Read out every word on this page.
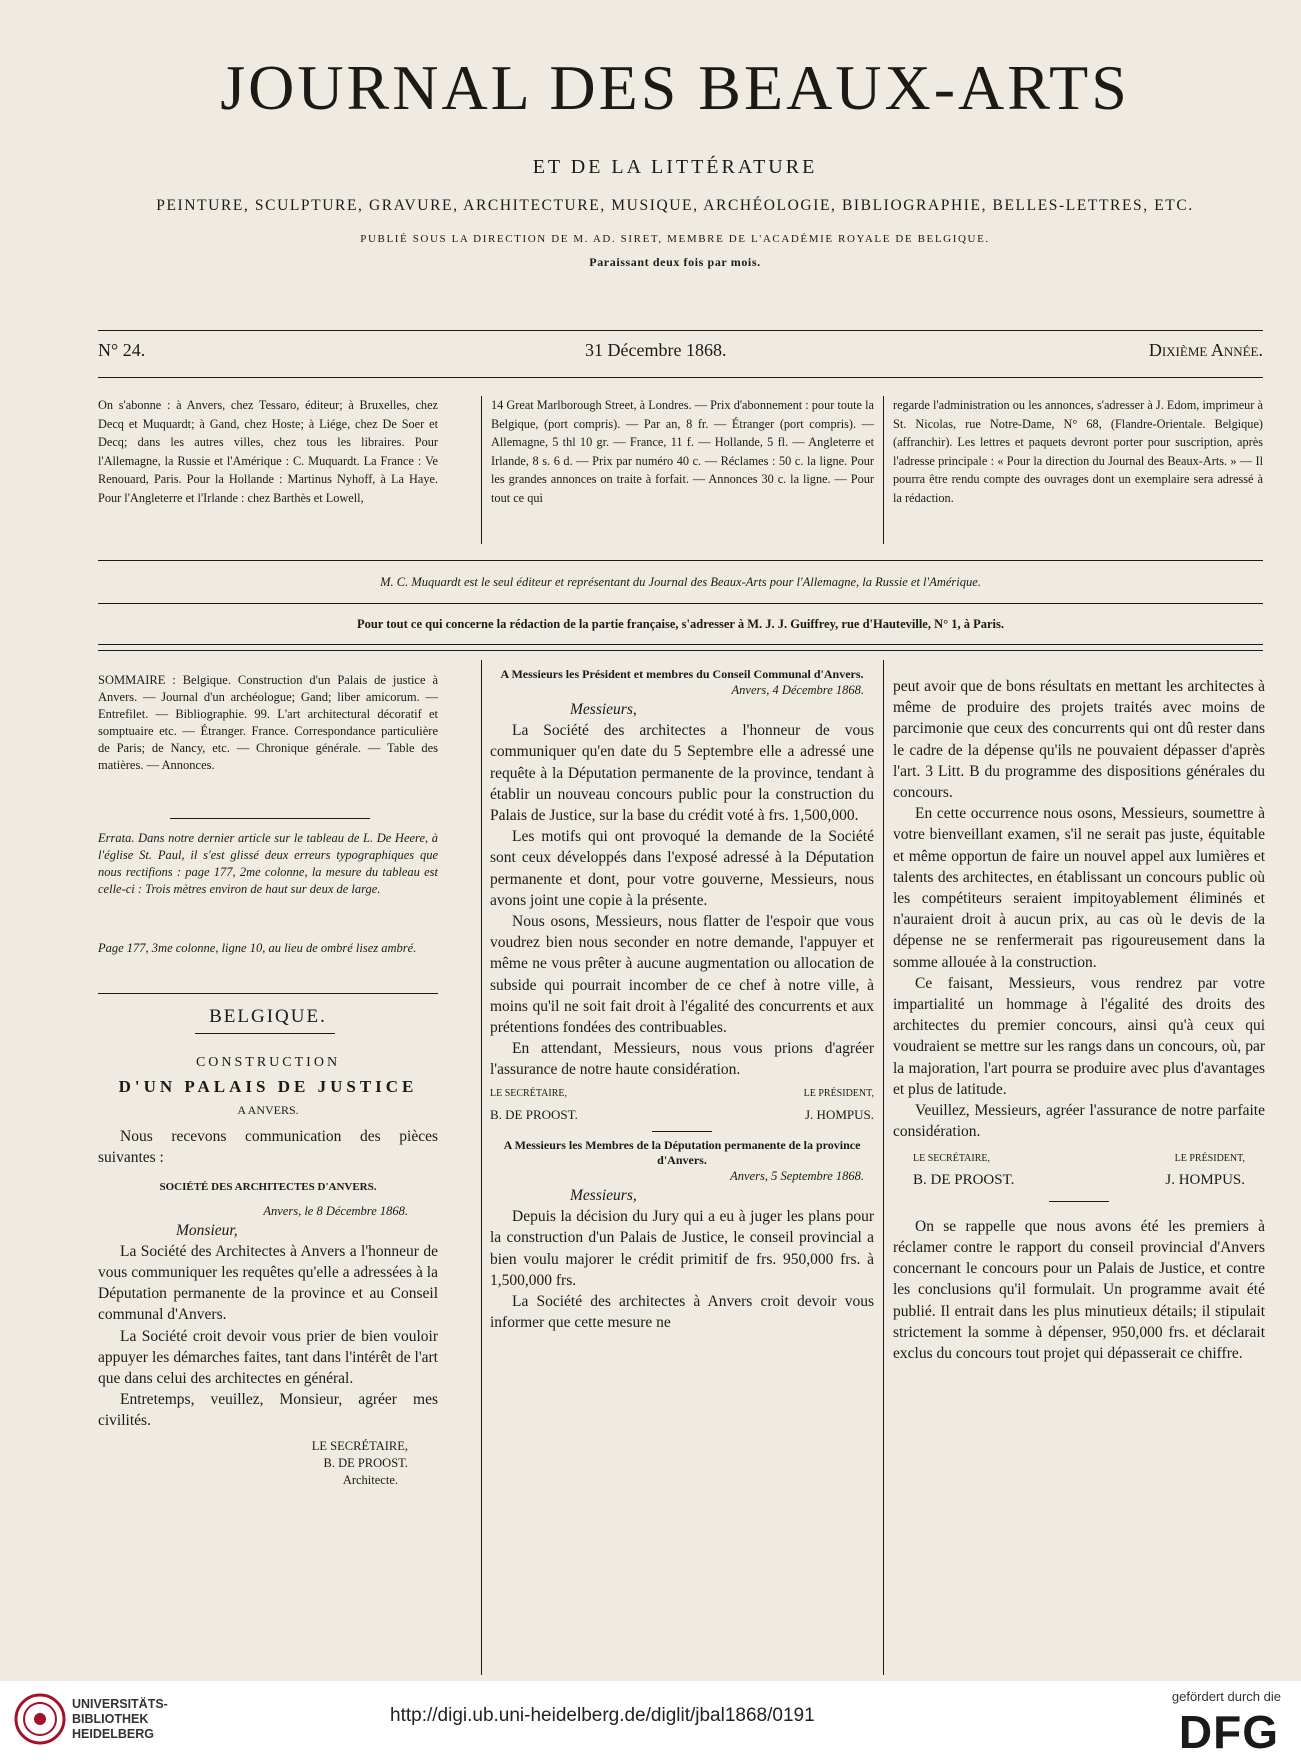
JOURNAL DES BEAUX-ARTS
ET DE LA LITTÉRATURE
PEINTURE, SCULPTURE, GRAVURE, ARCHITECTURE, MUSIQUE, ARCHÉOLOGIE, BIBLIOGRAPHIE, BELLES-LETTRES, ETC.
PUBLIÉ SOUS LA DIRECTION DE M. AD. SIRET, MEMBRE DE L'ACADÉMIE ROYALE DE BELGIQUE.
Paraissant deux fois par mois.
N° 24.	31 Décembre 1868.	Dixième Année.
On s'abonne : à Anvers, chez Tessaro, éditeur; à Bruxelles, chez Decq et Muquardt; à Gand, chez Hoste; à Liége, chez De Soer et Decq; dans les autres villes, chez tous les libraires. Pour l'Allemagne, la Russie et l'Amérique : C. Muquardt. La France : Ve Renouard, Paris. Pour la Hollande : Martinus Nyhoff, à La Haye. Pour l'Angleterre et l'Irlande : chez Barthès et Lowell,
14 Great Marlborough Street, à Londres. — Prix d'abonnement : pour toute la Belgique, (port compris). — Par an, 8 fr. — Étranger (port compris). — Allemagne, 5 thl 10 gr. — France, 11 f. — Hollande, 5 fl. — Angleterre et Irlande, 8 s. 6 d. — Prix par numéro 40 c. — Réclames : 50 c. la ligne. Pour les grandes annonces on traite à forfait. — Annonces 30 c. la ligne. — Pour tout ce qui
regarde l'administration ou les annonces, s'adresser à J. Edom, imprimeur à St. Nicolas, rue Notre-Dame, N° 68, (Flandre-Orientale. Belgique) (affranchir). Les lettres et paquets devront porter pour suscription, après l'adresse principale : « Pour la direction du Journal des Beaux-Arts. » — Il pourra être rendu compte des ouvrages dont un exemplaire sera adressé à la rédaction.
M. C. Muquardt est le seul éditeur et représentant du Journal des Beaux-Arts pour l'Allemagne, la Russie et l'Amérique.
Pour tout ce qui concerne la rédaction de la partie française, s'adresser à M. J. J. Guiffrey, rue d'Hauteville, N° 1, à Paris.
SOMMAIRE : Belgique. Construction d'un Palais de justice à Anvers. — Journal d'un archéologue; Gand; liber amicorum. — Entrefilet. — Bibliographie. 99. L'art architectural décoratif et somptuaire etc. — Étranger. France. Correspondance particulière de Paris; de Nancy, etc. — Chronique générale. — Table des matières. — Annonces.
Errata. Dans notre dernier article sur le tableau de L. De Heere, à l'église St. Paul, il s'est glissé deux erreurs typographiques que nous rectifions : page 177, 2me colonne, la mesure du tableau est celle-ci : Trois mètres environ de haut sur deux de large.
Page 177, 3me colonne, ligne 10, au lieu de ombré lisez ambré.
BELGIQUE.
CONSTRUCTION
D'UN PALAIS DE JUSTICE
A ANVERS.

Nous recevons communication des pièces suivantes :

SOCIÉTÉ DES ARCHITECTES D'ANVERS.
Anvers, le 8 Décembre 1868.
Monsieur,

La Société des Architectes à Anvers a l'honneur de vous communiquer les requêtes qu'elle a adressées à la Députation permanente de la province et au Conseil communal d'Anvers.

La Société croit devoir vous prier de bien vouloir appuyer les démarches faites, tant dans l'intérêt de l'art que dans celui des architectes en général.

Entretemps, veuillez, Monsieur, agréer mes civilités.

LE SECRÉTAIRE,
B. DE PROOST.
Architecte.
A Messieurs les Président et membres du Conseil Communal d'Anvers.
Anvers, 4 Décembre 1868.
Messieurs,

La Société des architectes a l'honneur de vous communiquer qu'en date du 5 Septembre elle a adressé une requête à la Députation permanente de la province, tendant à établir un nouveau concours public pour la construction du Palais de Justice, sur la base du crédit voté à frs. 1,500,000.

Les motifs qui ont provoqué la demande de la Société sont ceux développés dans l'exposé adressé à la Députation permanente et dont, pour votre gouverne, Messieurs, nous avons joint une copie à la présente.

Nous osons, Messieurs, nous flatter de l'espoir que vous voudrez bien nous seconder en notre demande, l'appuyer et même ne vous prêter à aucune augmentation ou allocation de subside qui pourrait incomber de ce chef à notre ville, à moins qu'il ne soit fait droit à l'égalité des concurrents et aux prétentions fondées des contribuables.

En attendant, Messieurs, nous vous prions d'agréer l'assurance de notre haute considération.

LE SECRÉTAIRE,	LE PRÉSIDENT,
B. DE PROOST.	J. HOMPUS.
A Messieurs les Membres de la Députation permanente de la province d'Anvers.
Anvers, 5 Septembre 1868.
Messieurs,

Depuis la décision du Jury qui a eu à juger les plans pour la construction d'un Palais de Justice, le conseil provincial a bien voulu majorer le crédit primitif de frs. 950,000 frs. à 1,500,000 frs.

La Société des architectes à Anvers croit devoir vous informer que cette mesure ne

peut avoir que de bons résultats en mettant les architectes à même de produire des projets traités avec moins de parcimonie que ceux des concurrents qui ont dû rester dans le cadre de la dépense qu'ils ne pouvaient dépasser d'après l'art. 3 Litt. B du programme des dispositions générales du concours.

En cette occurrence nous osons, Messieurs, soumettre à votre bienveillant examen, s'il ne serait pas juste, équitable et même opportun de faire un nouvel appel aux lumières et talents des architectes, en établissant un concours public où les compétiteurs seraient impitoyablement éliminés et n'auraient droit à aucun prix, au cas où le devis de la dépense ne se renfermerait pas rigoureusement dans la somme allouée à la construction.

Ce faisant, Messieurs, vous rendrez par votre impartialité un hommage à l'égalité des droits des architectes du premier concours, ainsi qu'à ceux qui voudraient se mettre sur les rangs dans un concours, où, par la majoration, l'art pourra se produire avec plus d'avantages et plus de latitude.

Veuillez, Messieurs, agréer l'assurance de notre parfaite considération.

LE SECRÉTAIRE,	LE PRÉSIDENT,
B. DE PROOST.	J. HOMPUS.

On se rappelle que nous avons été les premiers à réclamer contre le rapport du conseil provincial d'Anvers concernant le concours pour un Palais de Justice, et contre les conclusions qu'il formulait. Un programme avait été publié. Il entrait dans les plus minutieux détails; il stipulait strictement la somme à dépenser, 950,000 frs. et déclarait exclus du concours tout projet qui dépasserait ce chiffre.

UNIVERSITÄTS-
BIBLIOTHEK
HEIDELBERG
http://digi.ub.uni-heidelberg.de/diglit/jbal1868/0191
gefördert durch die
DFG
